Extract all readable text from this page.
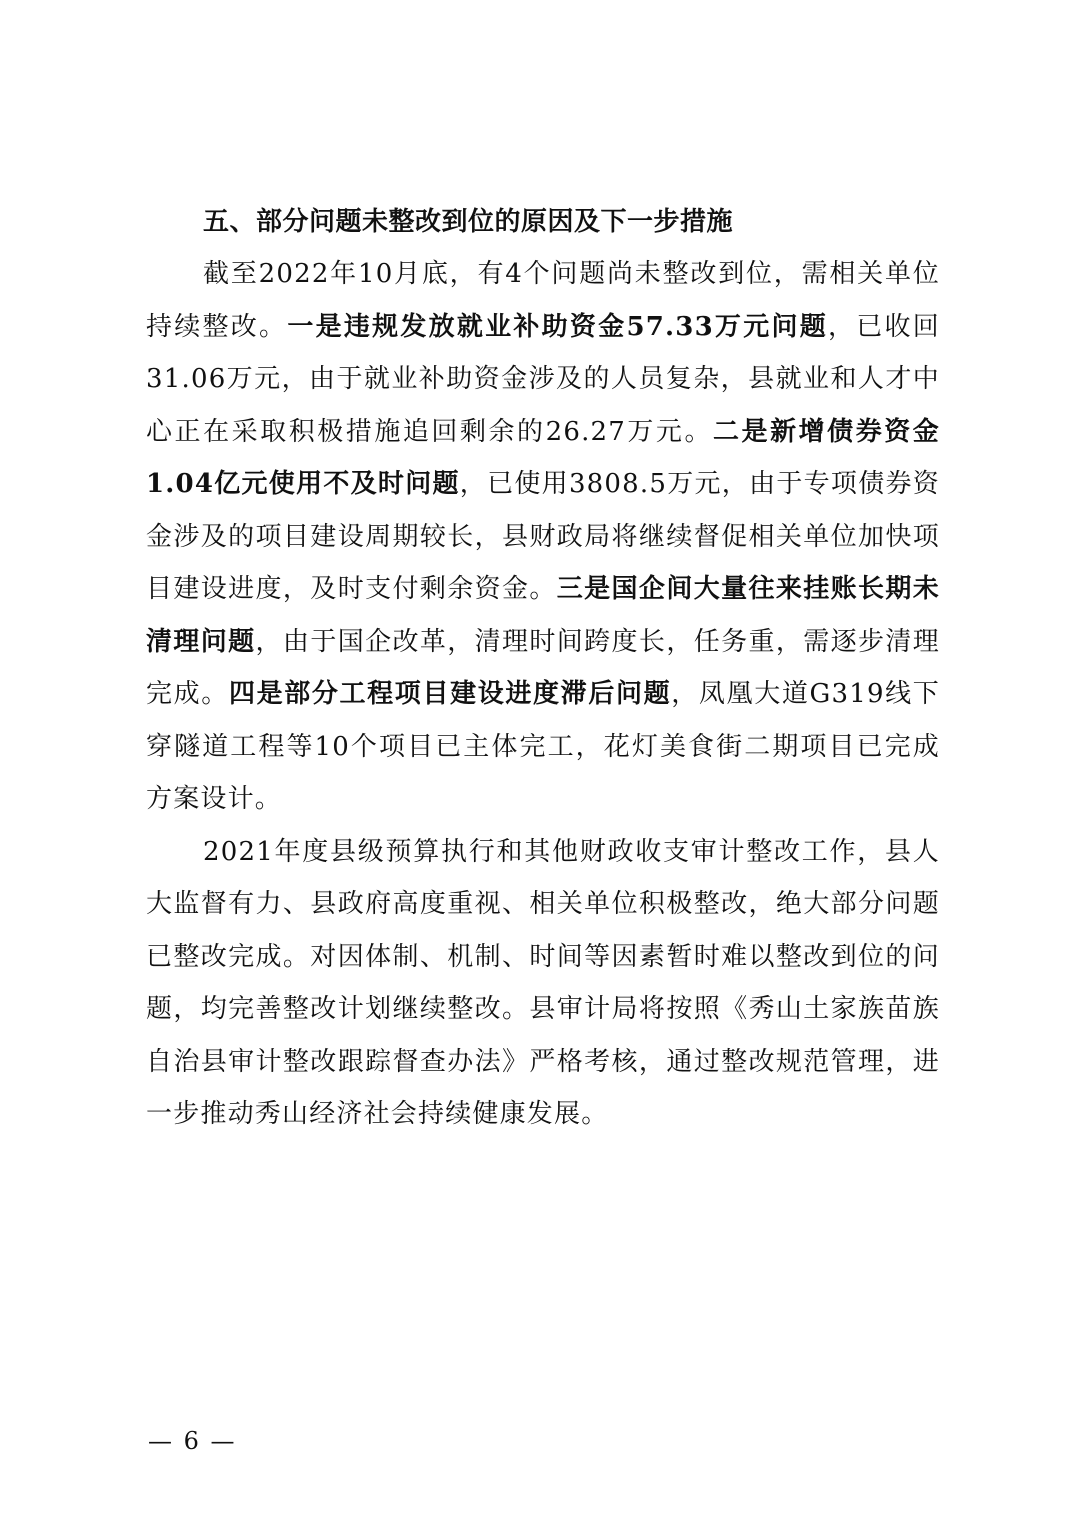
五、部分问题未整改到位的原因及下一步措施

截至2022年10月底，有4个问题尚未整改到位，需相关单位持续整改。一是违规发放就业补助资金57.33万元问题，已收回31.06万元，由于就业补助资金涉及的人员复杂，县就业和人才中心正在采取积极措施追回剩余的26.27万元。二是新增债券资金1.04亿元使用不及时问题，已使用3808.5万元，由于专项债券资金涉及的项目建设周期较长，县财政局将继续督促相关单位加快项目建设进度，及时支付剩余资金。三是国企间大量往来挂账长期未清理问题，由于国企改革，清理时间跨度长，任务重，需逐步清理完成。四是部分工程项目建设进度滞后问题，凤凰大道G319线下穿隧道工程等10个项目已主体完工，花灯美食街二期项目已完成方案设计。

2021年度县级预算执行和其他财政收支审计整改工作，县人大监督有力、县政府高度重视、相关单位积极整改，绝大部分问题已整改完成。对因体制、机制、时间等因素暂时难以整改到位的问题，均完善整改计划继续整改。县审计局将按照《秀山土家族苗族自治县审计整改跟踪督查办法》严格考核，通过整改规范管理，进一步推动秀山经济社会持续健康发展。

— 6 —
